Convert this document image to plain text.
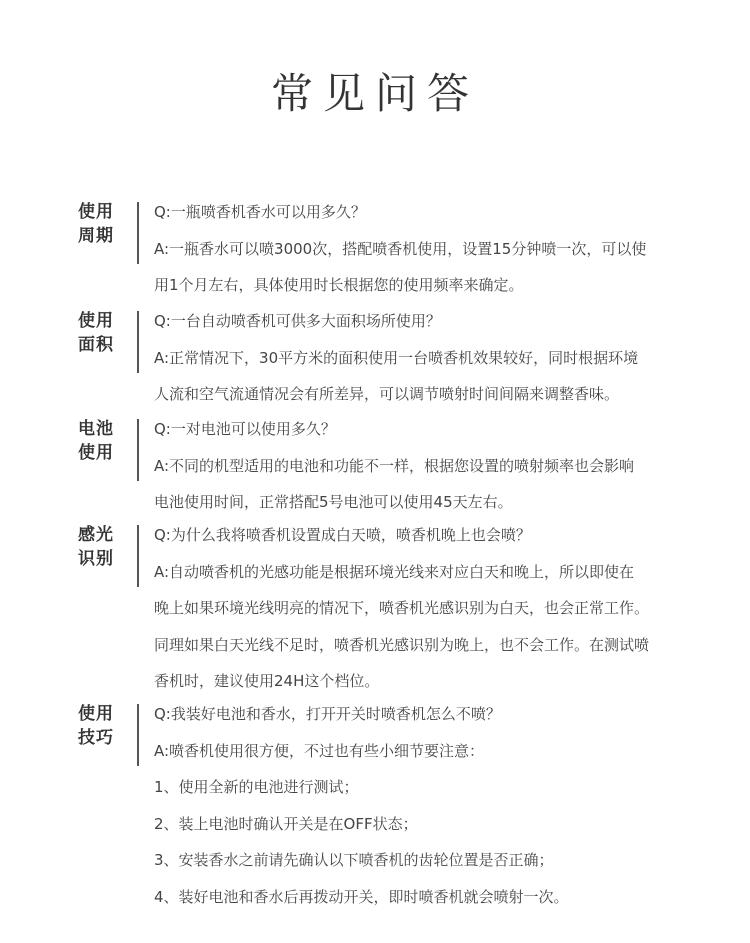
常见问答
使用
周期
Q:一瓶喷香机香水可以用多久？
A:一瓶香水可以喷3000次，搭配喷香机使用，设置15分钟喷一次，可以使
用1个月左右，具体使用时长根据您的使用频率来确定。
使用
面积
Q:一台自动喷香机可供多大面积场所使用？
A:正常情况下，30平方米的面积使用一台喷香机效果较好，同时根据环境
人流和空气流通情况会有所差异，可以调节喷射时间间隔来调整香味。
电池
使用
Q:一对电池可以使用多久？
A:不同的机型适用的电池和功能不一样，根据您设置的喷射频率也会影响
电池使用时间，正常搭配5号电池可以使用45天左右。
感光
识别
Q:为什么我将喷香机设置成白天喷，喷香机晚上也会喷？
A:自动喷香机的光感功能是根据环境光线来对应白天和晚上，所以即使在
晚上如果环境光线明亮的情况下，喷香机光感识别为白天，也会正常工作。
同理如果白天光线不足时，喷香机光感识别为晚上，也不会工作。在测试喷
香机时，建议使用24H这个档位。
使用
技巧
Q:我装好电池和香水，打开开关时喷香机怎么不喷？
A:喷香机使用很方便，不过也有些小细节要注意：
1、使用全新的电池进行测试；
2、装上电池时确认开关是在OFF状态；
3、安装香水之前请先确认以下喷香机的齿轮位置是否正确；
4、装好电池和香水后再拨动开关，即时喷香机就会喷射一次。
